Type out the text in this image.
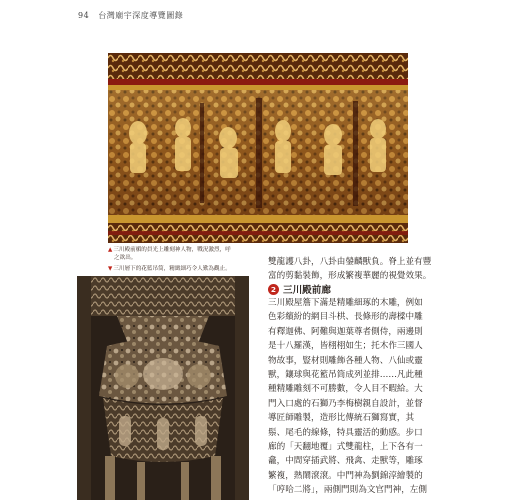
94 台灣廟宇深度導覽圖錄
▲三川殿前楣的員光上雕刻神人物，戰況激烈，呼
之欲出。
▼三川層下的花籃吊筒，精緻細巧令人歎為觀止。
雙龍護八卦，八卦由鎣麟獸負。脊上並有豐
富的剪黏裝飾，形成繁複華麗的視覺效果。
2 三川殿前廊
三川殿屋簷下滿是精雕細琢的木雕，例如
色彩繽紛的網目斗栱、長條形的壽樑中雕
有釋迦佛、阿難與迦葉尊者側侍，兩邊則
是十八羅漢，皆栩栩如生；托木作三國人
物故事，豎材則雕飾各種人物、八仙或靈
獸，鑲球與花籃吊筒成列並排……凡此種
種精雕雕刻不可勝數，令人目不暇給。大
門入口處的石獅乃李梅樹親自設計，並督
導匠師雕製，造形比傳統石獅寫實，其
鬃、尾毛的線條，特具靈活的動感。步口
廊的「天翻地覆」式雙龍柱，上下各有一
龕，中間穿插武將、飛禽、走獸等，雕琢
繁複，熱鬧滾滾。中門神為劉錦淳繪製的
「哼哈二將」，兩側門則為文官門神，左側
